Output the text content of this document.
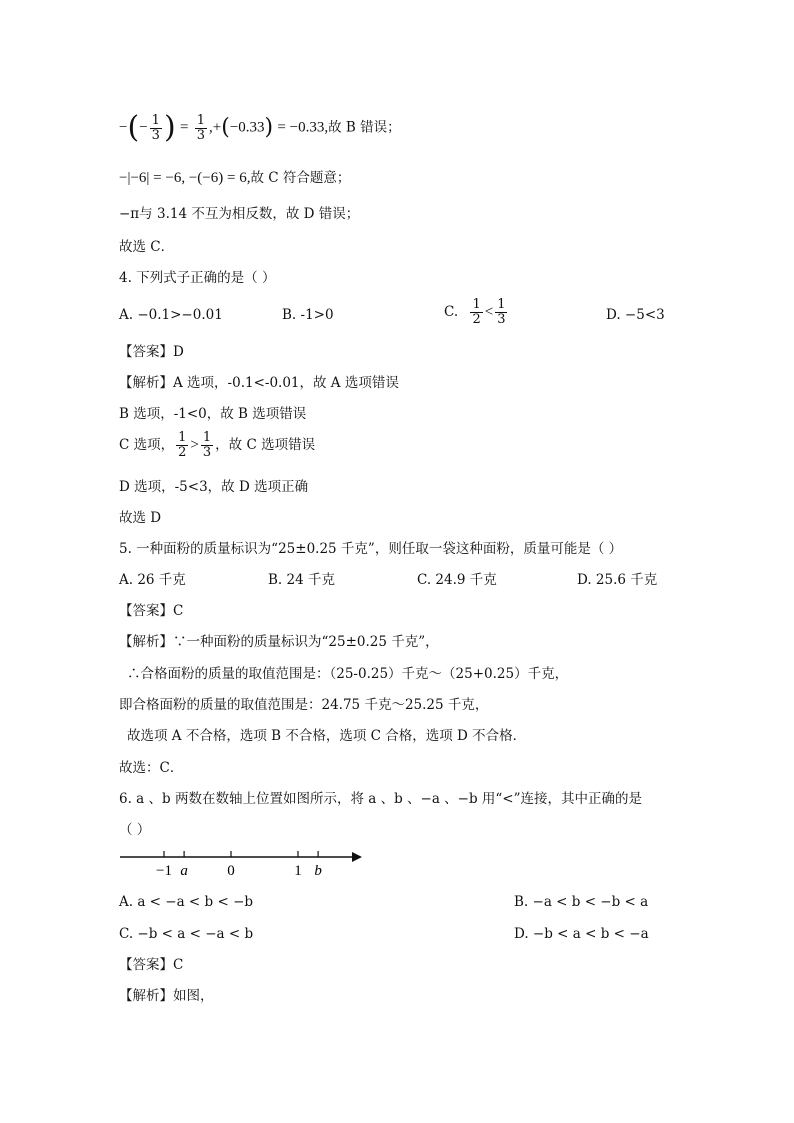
−(− $\frac{1}{3}$ ) = $\frac{1}{3} ,+(-0.33) = -0.33$,故 B 错误；
−|−6| = −6, −(−6) = 6,故 C 符合题意；
−π与 3.14 不互为相反数，故 D 错误；
故选 C．
4. 下列式子正确的是（ ）
A. −0.1>−0.01	B. -1>0	C. $\frac{1}{2} < \frac{1}{3}$	D. −5<3
【答案】D
【解析】A 选项，-0.1<-0.01，故 A 选项错误
B 选项，-1<0，故 B 选项错误
C 选项， $\frac{1}{2} > \frac{1}{3}$ ，故 C 选项错误
D 选项，-5<3，故 D 选项正确
故选 D
5. 一种面粉的质量标识为“25±0.25 千克”，则任取一袋这种面粉，质量可能是（ ）
A. 26 千克	B. 24 千克	C. 24.9 千克	D. 25.6 千克
【答案】C
【解析】∵一种面粉的质量标识为“25±0.25 千克”，
∴合格面粉的质量的取值范围是：（25-0.25）千克～（25+0.25）千克，
即合格面粉的质量的取值范围是：24.75 千克～25.25 千克，
故选项 A 不合格，选项 B 不合格，选项 C 合格，选项 D 不合格．
故选：C．
6. a 、b 两数在数轴上位置如图所示，将 a 、b 、−a 、−b 用“<”连接，其中正确的是
（ ）
−1 a	0	1 b
A. a < −a < b < −b	B. −a < b < −b < a
C. −b < a < −a < b	D. −b < a < b < −a
【答案】C
【解析】如图，
